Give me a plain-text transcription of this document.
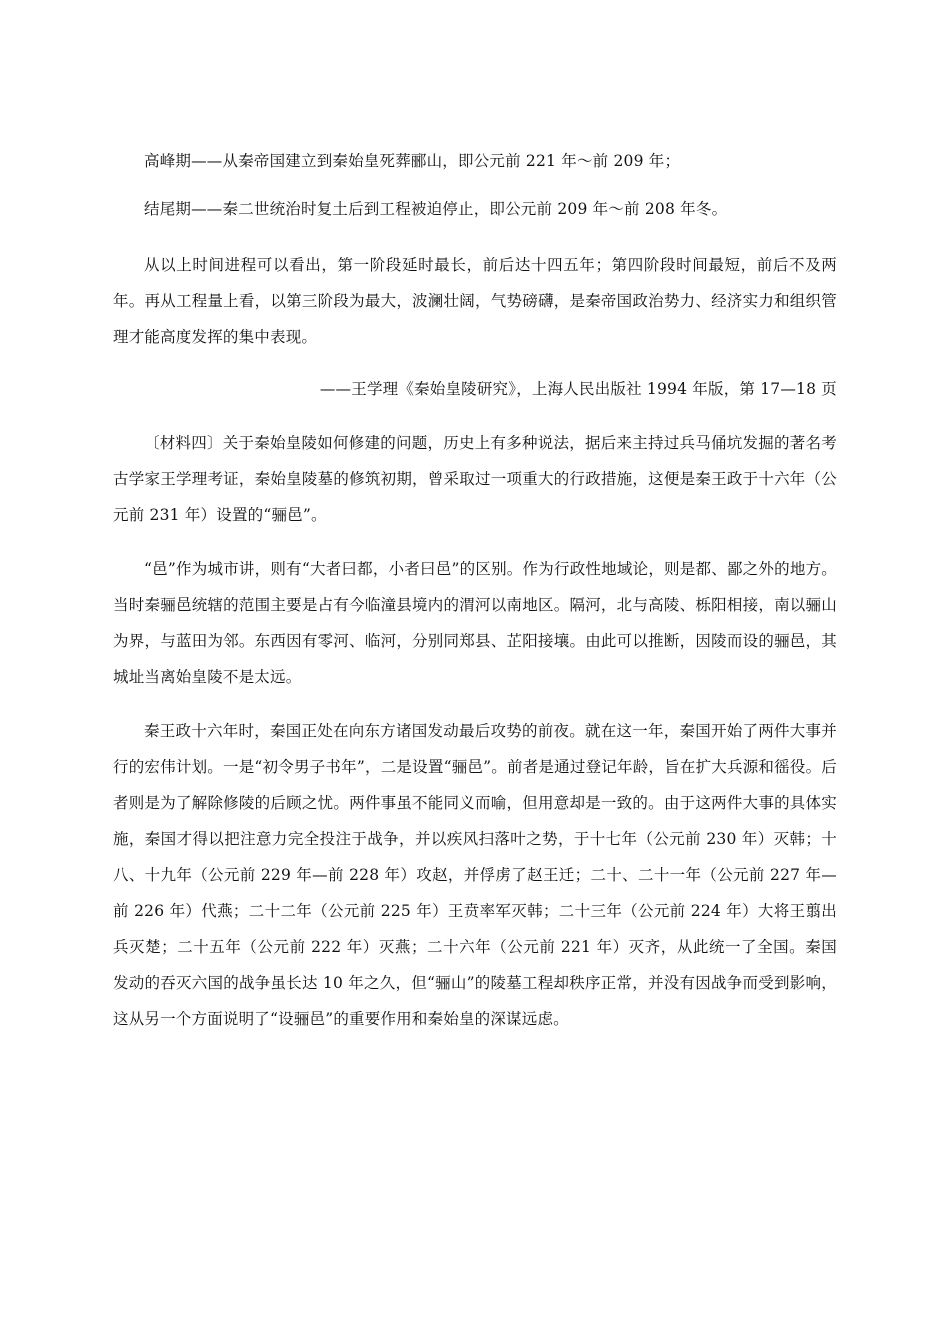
高峰期——从秦帝国建立到秦始皇死葬郦山，即公元前 221 年～前 209 年；

结尾期——秦二世统治时复土后到工程被迫停止，即公元前 209 年～前 208 年冬。

从以上时间进程可以看出，第一阶段延时最长，前后达十四五年；第四阶段时间最短，前后不及两年。再从工程量上看，以第三阶段为最大，波澜壮阔，气势磅礴，是秦帝国政治势力、经济实力和组织管理才能高度发挥的集中表现。

——王学理《秦始皇陵研究》，上海人民出版社 1994 年版，第 17—18 页

〔材料四〕关于秦始皇陵如何修建的问题，历史上有多种说法，据后来主持过兵马俑坑发掘的著名考古学家王学理考证，秦始皇陵墓的修筑初期，曾采取过一项重大的行政措施，这便是秦王政于十六年（公元前 231 年）设置的“骊邑”。

“邑”作为城市讲，则有“大者曰都，小者曰邑”的区别。作为行政性地域论，则是都、鄙之外的地方。当时秦骊邑统辖的范围主要是占有今临潼县境内的渭河以南地区。隔河，北与高陵、栎阳相接，南以骊山为界，与蓝田为邻。东西因有零河、临河，分别同郑县、芷阳接壤。由此可以推断，因陵而设的骊邑，其城址当离始皇陵不是太远。

秦王政十六年时，秦国正处在向东方诸国发动最后攻势的前夜。就在这一年，秦国开始了两件大事并行的宏伟计划。一是“初令男子书年”，二是设置“骊邑”。前者是通过登记年龄，旨在扩大兵源和徭役。后者则是为了解除修陵的后顾之忧。两件事虽不能同义而喻，但用意却是一致的。由于这两件大事的具体实施，秦国才得以把注意力完全投注于战争，并以疾风扫落叶之势，于十七年（公元前 230 年）灭韩；十八、十九年（公元前 229 年—前 228 年）攻赵，并俘虏了赵王迁；二十、二十一年（公元前 227 年—前 226 年）代燕；二十二年（公元前 225 年）王贲率军灭韩；二十三年（公元前 224 年）大将王翦出兵灭楚；二十五年（公元前 222 年）灭燕；二十六年（公元前 221 年）灭齐，从此统一了全国。秦国发动的吞灭六国的战争虽长达 10 年之久，但“骊山”的陵墓工程却秩序正常，并没有因战争而受到影响，这从另一个方面说明了“设骊邑”的重要作用和秦始皇的深谋远虑。
